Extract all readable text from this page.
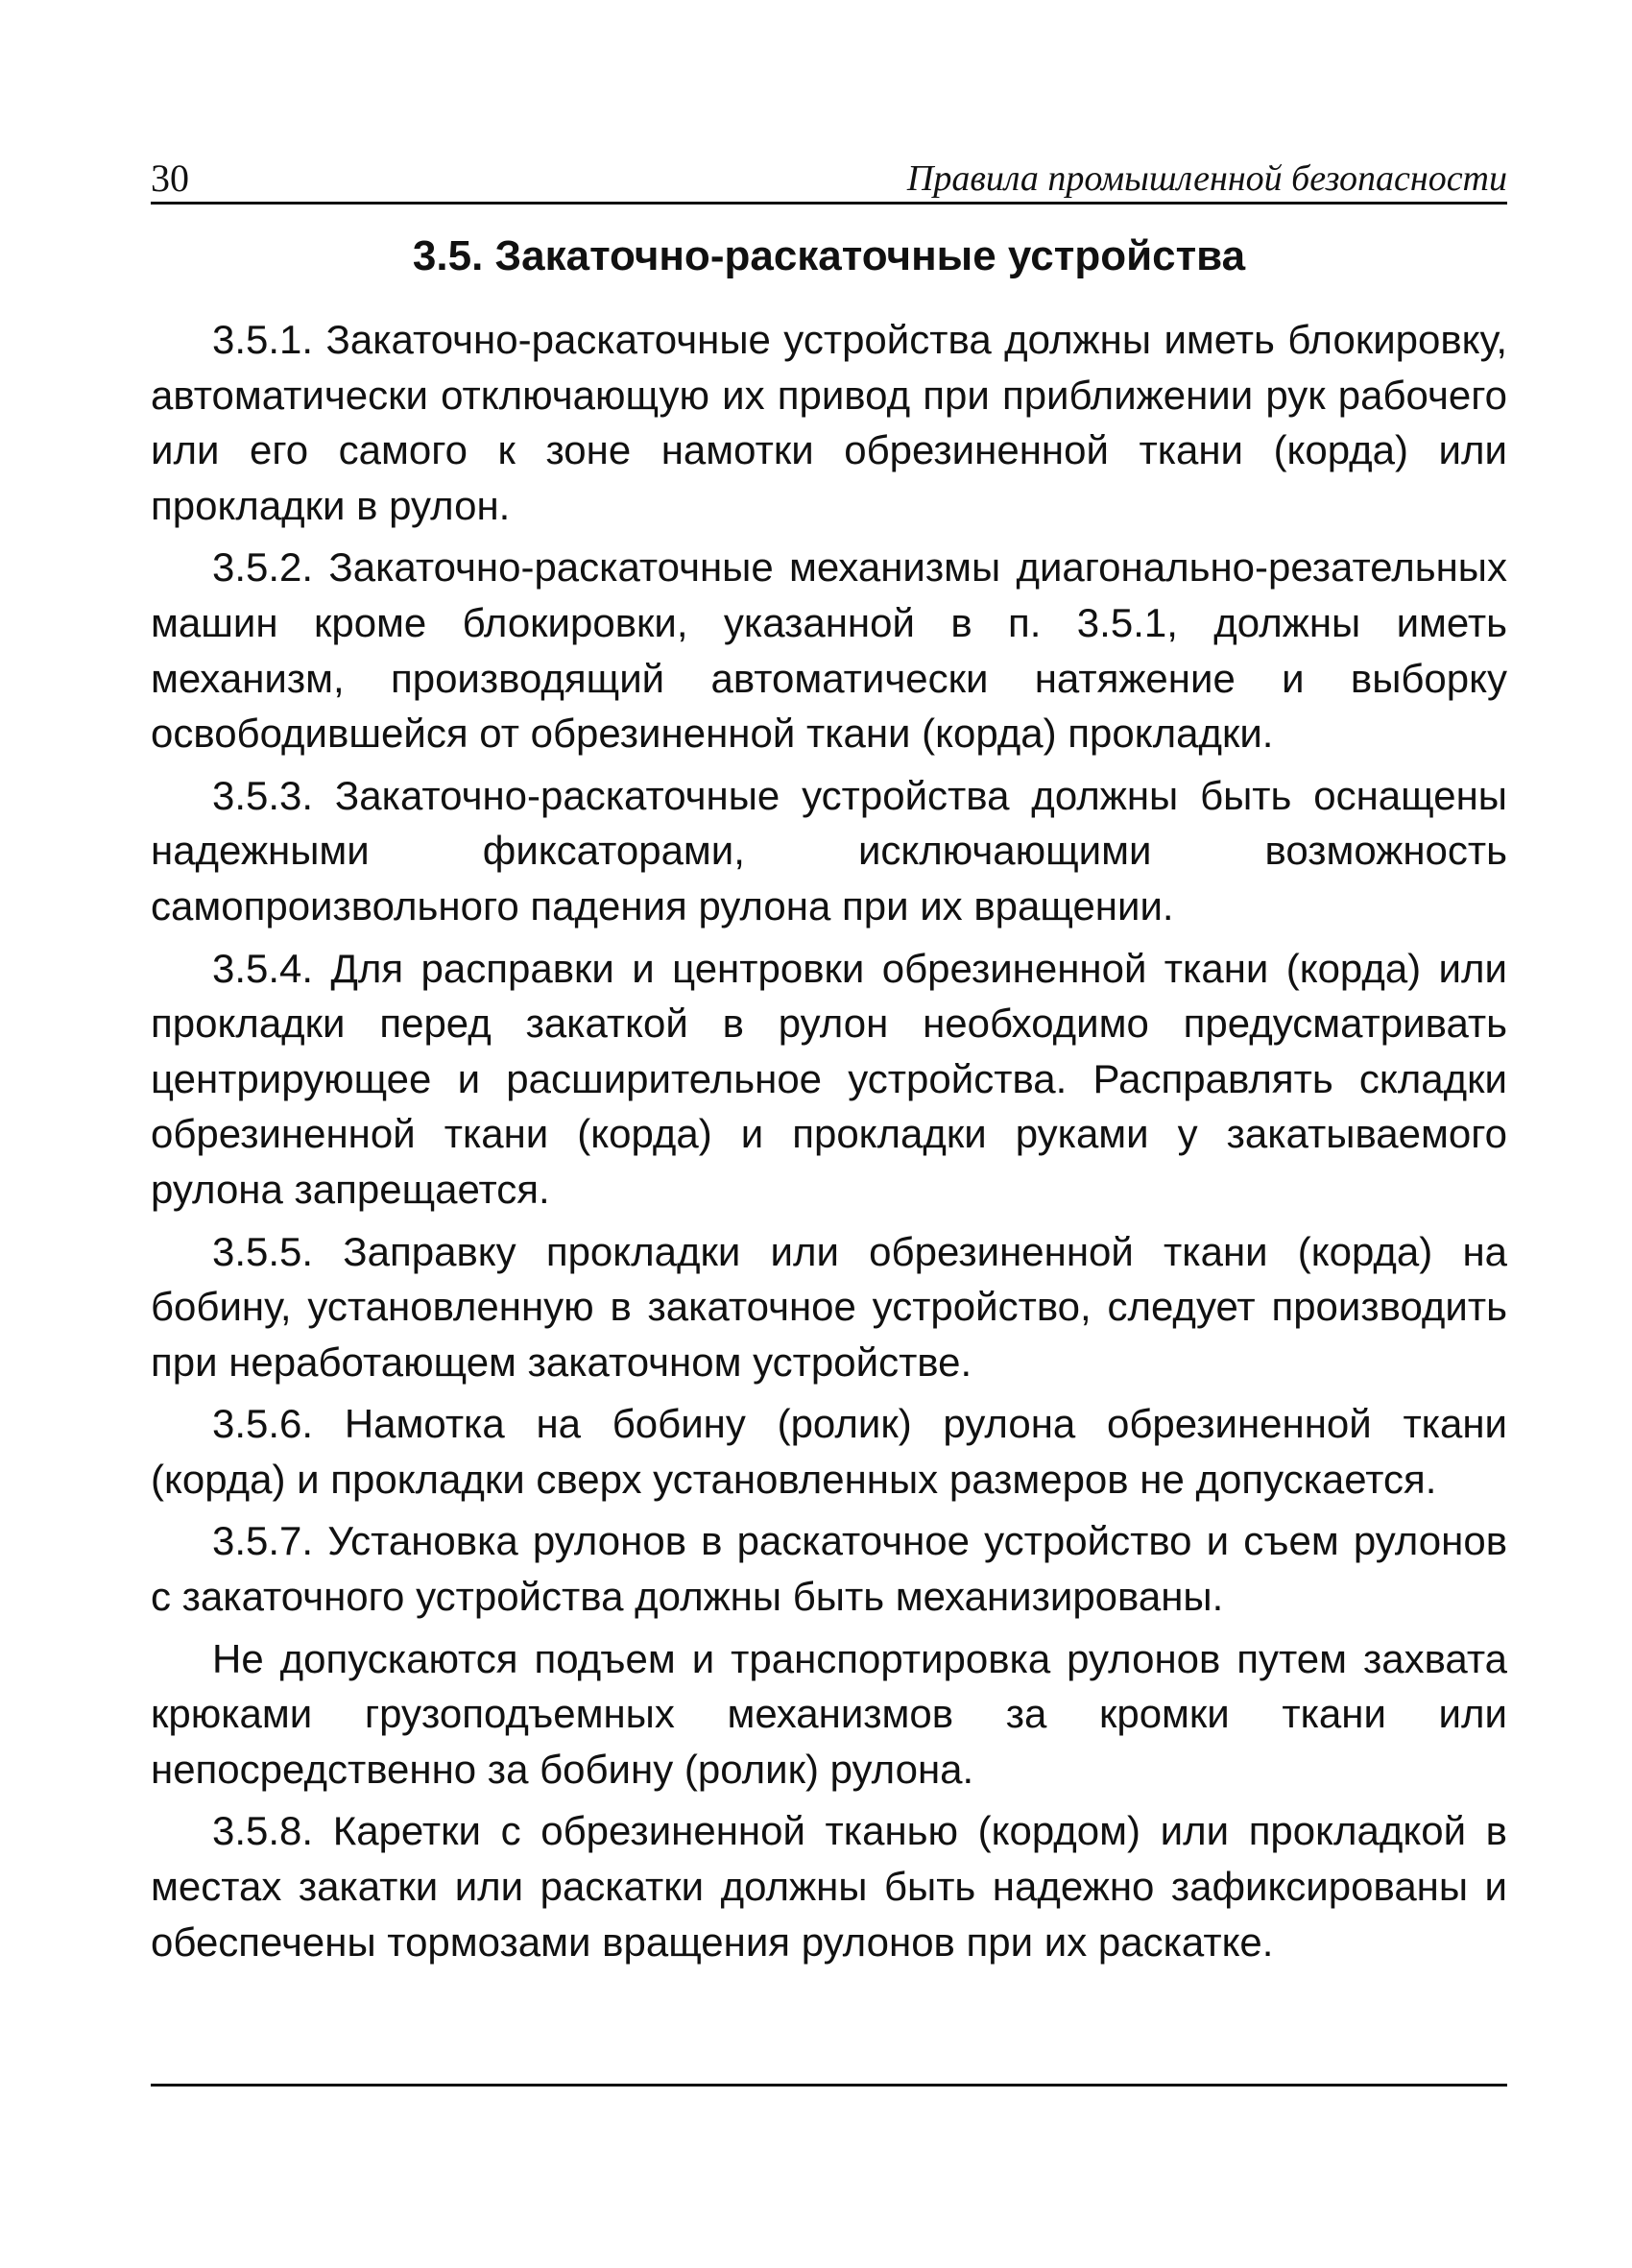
30	Правила промышленной безопасности
3.5. Закаточно-раскаточные устройства

3.5.1. Закаточно-раскаточные устройства должны иметь блокировку, автоматически отключающую их привод при приближении рук рабочего или его самого к зоне намотки обрезиненной ткани (корда) или прокладки в рулон.

3.5.2. Закаточно-раскаточные механизмы диагонально-резательных машин кроме блокировки, указанной в п. 3.5.1, должны иметь механизм, производящий автоматически натяжение и выборку освободившейся от обрезиненной ткани (корда) прокладки.

3.5.3. Закаточно-раскаточные устройства должны быть оснащены надежными фиксаторами, исключающими возможность самопроизвольного падения рулона при их вращении.

3.5.4. Для расправки и центровки обрезиненной ткани (корда) или прокладки перед закаткой в рулон необходимо предусматривать центрирующее и расширительное устройства. Расправлять складки обрезиненной ткани (корда) и прокладки руками у закатываемого рулона запрещается.

3.5.5. Заправку прокладки или обрезиненной ткани (корда) на бобину, установленную в закаточное устройство, следует производить при неработающем закаточном устройстве.

3.5.6. Намотка на бобину (ролик) рулона обрезиненной ткани (корда) и прокладки сверх установленных размеров не допускается.

3.5.7. Установка рулонов в раскаточное устройство и съем рулонов с закаточного устройства должны быть механизированы.

Не допускаются подъем и транспортировка рулонов путем захвата крюками грузоподъемных механизмов за кромки ткани или непосредственно за бобину (ролик) рулона.

3.5.8. Каретки с обрезиненной тканью (кордом) или прокладкой в местах закатки или раскатки должны быть надежно зафиксированы и обеспечены тормозами вращения рулонов при их раскатке.
